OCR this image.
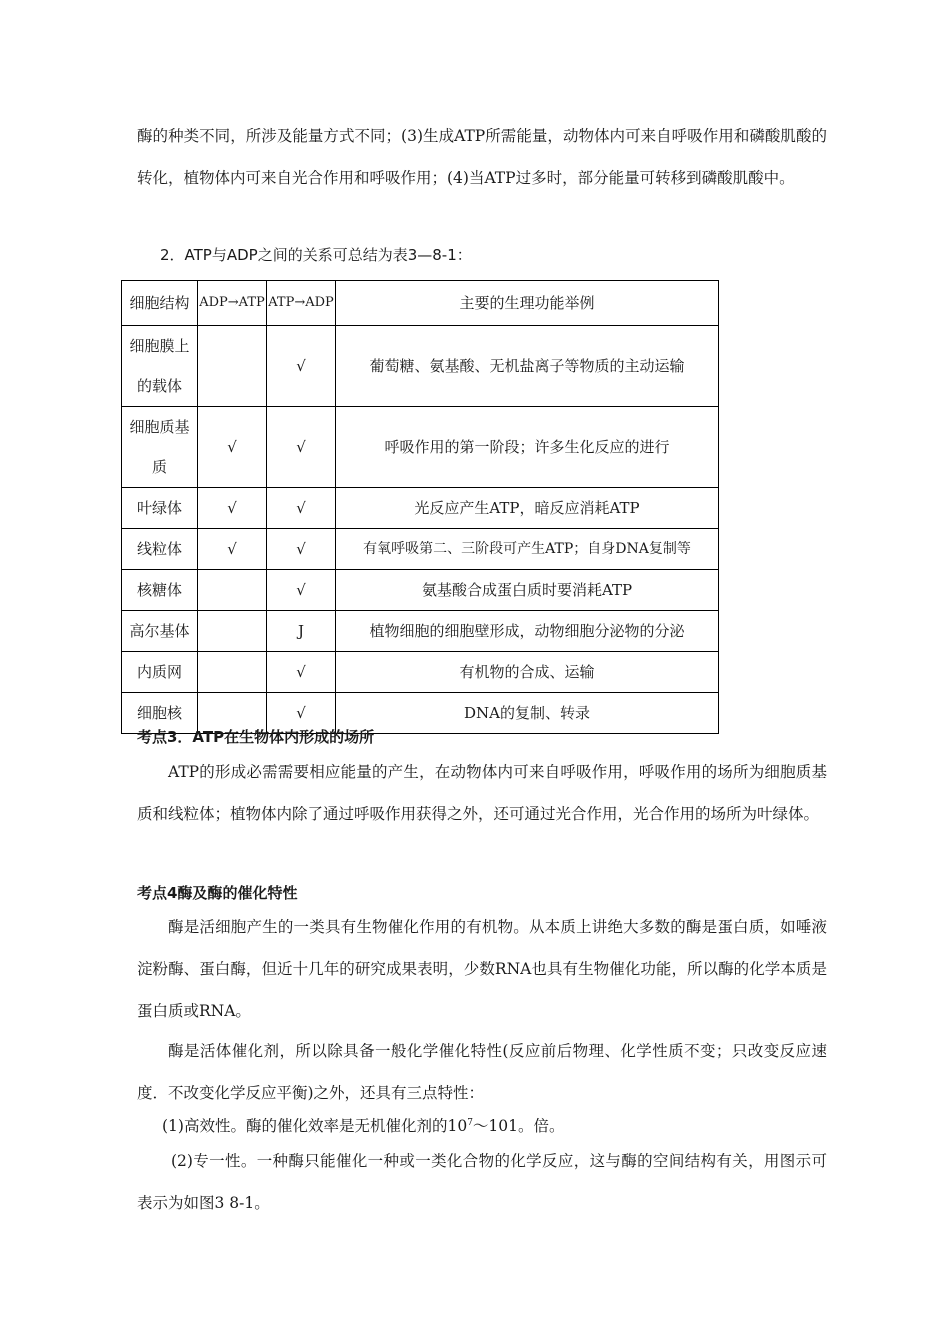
酶的种类不同，所涉及能量方式不同；(3)生成ATP所需能量，动物体内可来自呼吸作用和磷酸肌酸的转化，植物体内可来自光合作用和呼吸作用；(4)当ATP过多时，部分能量可转移到磷酸肌酸中。

2．ATP与ADP之间的关系可总结为表3—8-1：

细胞结构	ADP→ATP	ATP→ADP	主要的生理功能举例
细胞膜上的载体		√	葡萄糖、氨基酸、无机盐离子等物质的主动运输
细胞质基质	√	√	呼吸作用的第一阶段；许多生化反应的进行
叶绿体	√	√	光反应产生ATP，暗反应消耗ATP
线粒体	√	√	有氧呼吸第二、三阶段可产生ATP；自身DNA复制等
核糖体		√	氨基酸合成蛋白质时要消耗ATP
高尔基体		J	植物细胞的细胞壁形成，动物细胞分泌物的分泌
内质网		√	有机物的合成、运输
细胞核		√	DNA的复制、转录

考点3．ATP在生物体内形成的场所

ATP的形成必需需要相应能量的产生，在动物体内可来自呼吸作用，呼吸作用的场所为细胞质基质和线粒体；植物体内除了通过呼吸作用获得之外，还可通过光合作用，光合作用的场所为叶绿体。

考点4酶及酶的催化特性

酶是活细胞产生的一类具有生物催化作用的有机物。从本质上讲绝大多数的酶是蛋白质，如唾液淀粉酶、蛋白酶，但近十几年的研究成果表明，少数RNA也具有生物催化功能，所以酶的化学本质是蛋白质或RNA。

酶是活体催化剂，所以除具备一般化学催化特性(反应前后物理、化学性质不变；只改变反应速度．不改变化学反应平衡)之外，还具有三点特性：

(1)高效性。酶的催化效率是无机催化剂的$10^7\sim 101$。倍。

(2)专一性。一种酶只能催化一种或一类化合物的化学反应，这与酶的空间结构有关，用图示可表示为如图3 8-1。
